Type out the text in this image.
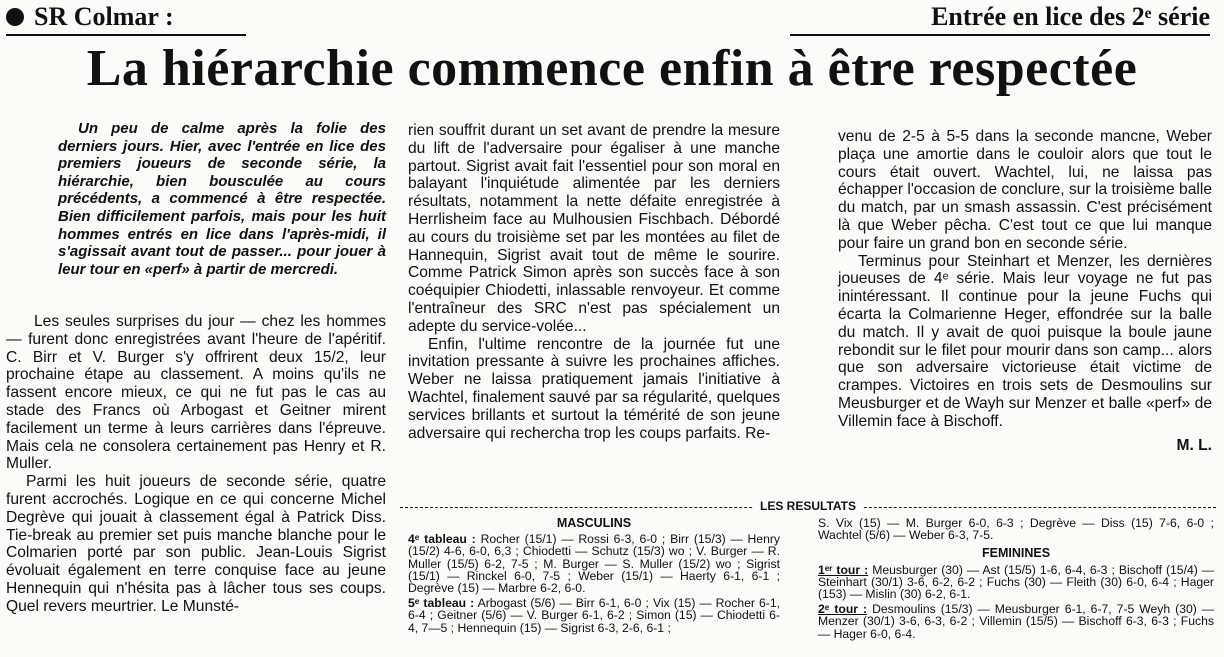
SR Colmar :	Entrée en lice des 2ᵉ série
La hiérarchie commence enfin à être respectée

Un peu de calme après la folie des derniers jours. Hier, avec l'entrée en lice des premiers joueurs de seconde série, la hiérarchie, bien bousculée au cours précédents, a commencé à être respectée. Bien difficilement parfois, mais pour les huit hommes entrés en lice dans l'après-midi, il s'agissait avant tout de passer... pour jouer à leur tour en «perf» à partir de mercredi.

Les seules surprises du jour — chez les hommes — furent donc enregistrées avant l'heure de l'apéritif. C. Birr et V. Burger s'y offrirent deux 15/2, leur prochaine étape au classement. A moins qu'ils ne fassent encore mieux, ce qui ne fut pas le cas au stade des Francs où Arbogast et Geitner mirent facilement un terme à leurs carrières dans l'épreuve. Mais cela ne consolera certainement pas Henry et R. Muller.

Parmi les huit joueurs de seconde série, quatre furent accrochés. Logique en ce qui concerne Michel Degrève qui jouait à classement égal à Patrick Diss. Tie-break au premier set puis manche blanche pour le Colmarien porté par son public. Jean-Louis Sigrist évoluait également en terre conquise face au jeune Hennequin qui n'hésita pas à lâcher tous ses coups. Quel revers meurtrier. Le Munsté-

rien souffrit durant un set avant de prendre la mesure du lift de l'adversaire pour égaliser à une manche partout. Sigrist avait fait l'essentiel pour son moral en balayant l'inquiétude alimentée par les derniers résultats, notamment la nette défaite enregistrée à Herrlisheim face au Mulhousien Fischbach. Débordé au cours du troisième set par les montées au filet de Hannequin, Sigrist avait tout de même le sourire. Comme Patrick Simon après son succès face à son coéquipier Chiodetti, inlassable renvoyeur. Et comme l'entraîneur des SRC n'est pas spécialement un adepte du service-volée...

Enfin, l'ultime rencontre de la journée fut une invitation pressante à suivre les prochaines affiches. Weber ne laissa pratiquement jamais l'initiative à Wachtel, finalement sauvé par sa régularité, quelques services brillants et surtout la témérité de son jeune adversaire qui rechercha trop les coups parfaits. Re-

venu de 2-5 à 5-5 dans la seconde mancne, Weber plaça une amortie dans le couloir alors que tout le cours était ouvert. Wachtel, lui, ne laissa pas échapper l'occasion de conclure, sur la troisième balle du match, par un smash assassin. C'est précisément là que Weber pêcha. C'est tout ce que lui manque pour faire un grand bon en seconde série.

Terminus pour Steinhart et Menzer, les dernières joueuses de 4ᵉ série. Mais leur voyage ne fut pas inintéressant. Il continue pour la jeune Fuchs qui écarta la Colmarienne Heger, effondrée sur la balle du match. Il y avait de quoi puisque la boule jaune rebondit sur le filet pour mourir dans son camp... alors que son adversaire victorieuse était victime de crampes. Victoires en trois sets de Desmoulins sur Meusburger et de Wayh sur Menzer et balle «perf» de Villemin face à Bischoff.

M. L.

LES RESULTATS
MASCULINS

4ᵉ tableau : Rocher (15/1) — Rossi 6-3, 6-0 ; Birr (15/3) — Henry (15/2) 4-6, 6-0, 6,3 ; Chiodetti — Schutz (15/3) wo ; V. Burger — R. Muller (15/5) 6-2, 7-5 ; M. Burger — S. Muller (15/2) wo ; Sigrist (15/1) — Rinckel 6-0, 7-5 ; Weber (15/1) — Haerty 6-1, 6-1 ; Degrève (15) — Marbre 6-2, 6-0.

5ᵉ tableau : Arbogast (5/6) — Birr 6-1, 6-0 ; Vix (15) — Rocher 6-1, 6-4 ; Geitner (5/6) — V. Burger 6-1, 6-2 ; Simon (15) — Chiodetti 6-4, 7—5 ; Hennequin (15) — Sigrist 6-3, 2-6, 6-1 ;

S. Vix (15) — M. Burger 6-0, 6-3 ; Degrève — Diss (15) 7-6, 6-0 ; Wachtel (5/6) — Weber 6-3, 7-5.

FEMININES

1ᵉʳ tour : Meusburger (30) — Ast (15/5) 1-6, 6-4, 6-3 ; Bischoff (15/4) — Steinhart (30/1) 3-6, 6-2, 6-2 ; Fuchs (30) — Fleith (30) 6-0, 6-4 ; Hager (153) — Mislin (30) 6-2, 6-1.

2ᵉ tour : Desmoulins (15/3) — Meusburger 6-1, 6-7, 7-5 Weyh (30) — Menzer (30/1) 3-6, 6-3, 6-2 ; Villemin (15/5) — Bischoff 6-3, 6-3 ; Fuchs — Hager 6-0, 6-4.
